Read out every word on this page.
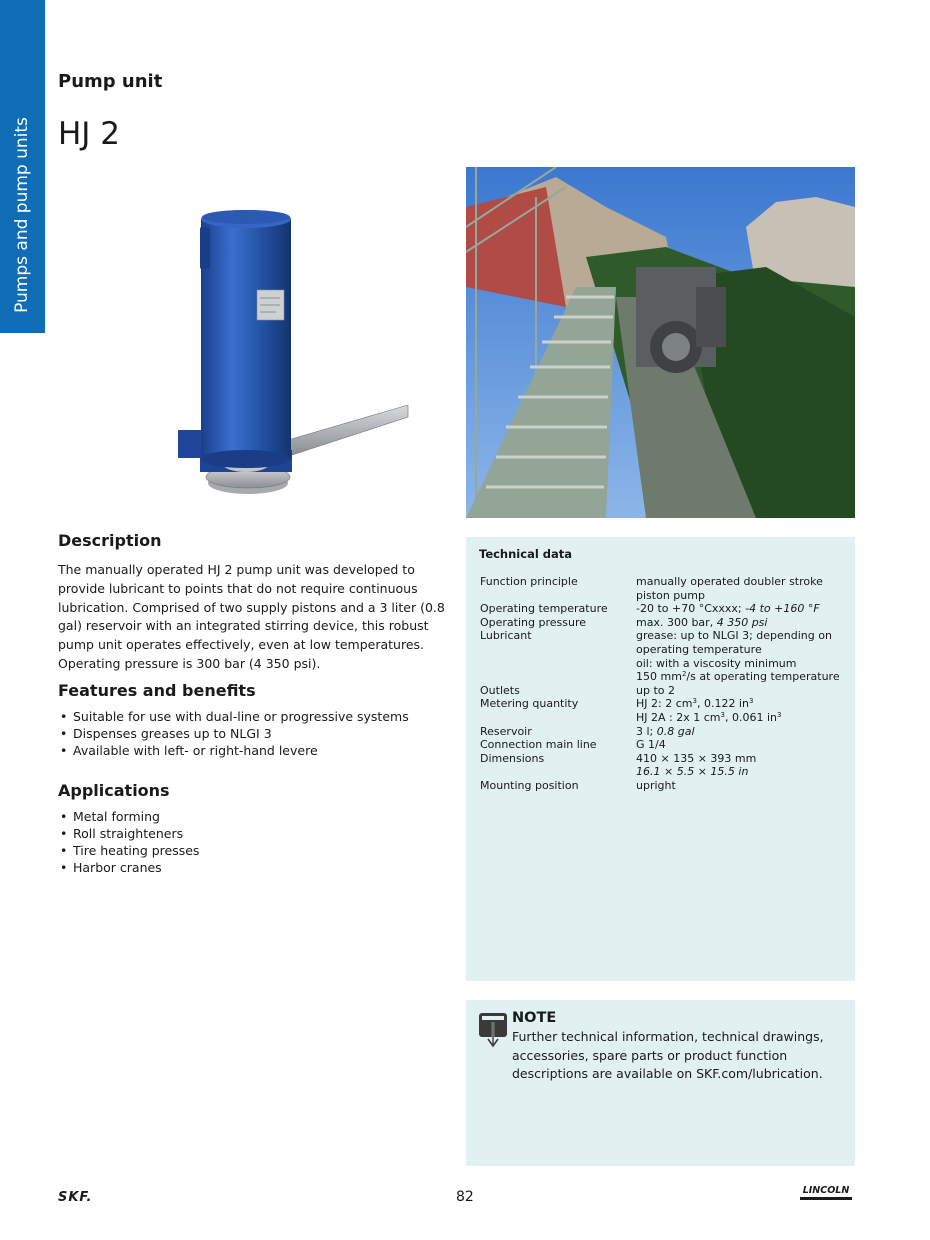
Pumps and pump units
Pump unit
HJ 2
Description

The manually operated HJ 2 pump unit was developed to provide lubricant to points that do not require continuous lubrication. Comprised of two supply pistons and a 3 liter (0.8 gal) reservoir with an integrated stirring device, this robust pump unit operates effectively, even at low temperatures. Operating pressure is 300 bar (4 350 psi).

Features and benefits
• Suitable for use with dual-line or progressive systems
• Dispenses greases up to NLGI 3
• Available with left- or right-hand levere
Applications
• Metal forming
• Roll straighteners
• Tire heating presses
• Harbor cranes
Technical data
Function principle	manually operated doubler stroke piston pump
Operating temperature	-20 to +70 °Cxxxx; -4 to +160 °F
Operating pressure	max. 300 bar, 4 350 psi
Lubricant	grease: up to NLGI 3; depending on operating temperature
oil: with a viscosity minimum
150 $mm^2/s$ at operating temperature
Outlets	up to 2
Metering quantity	HJ 2: 2 $cm^3$, 0.122 $in^3$
HJ 2A : 2x 1 $cm^3$, 0.061 $in^3$
Reservoir	3 l; 0.8 gal
Connection main line	G 1/4
Dimensions	410 × 135 × 393 mm
16.1 × 5.5 × 15.5 in
Mounting position	upright
NOTE

Further technical information, technical drawings, accessories, spare parts or product function descriptions are available on SKF.com/lubrication.

SKF.	82	LINCOLN
